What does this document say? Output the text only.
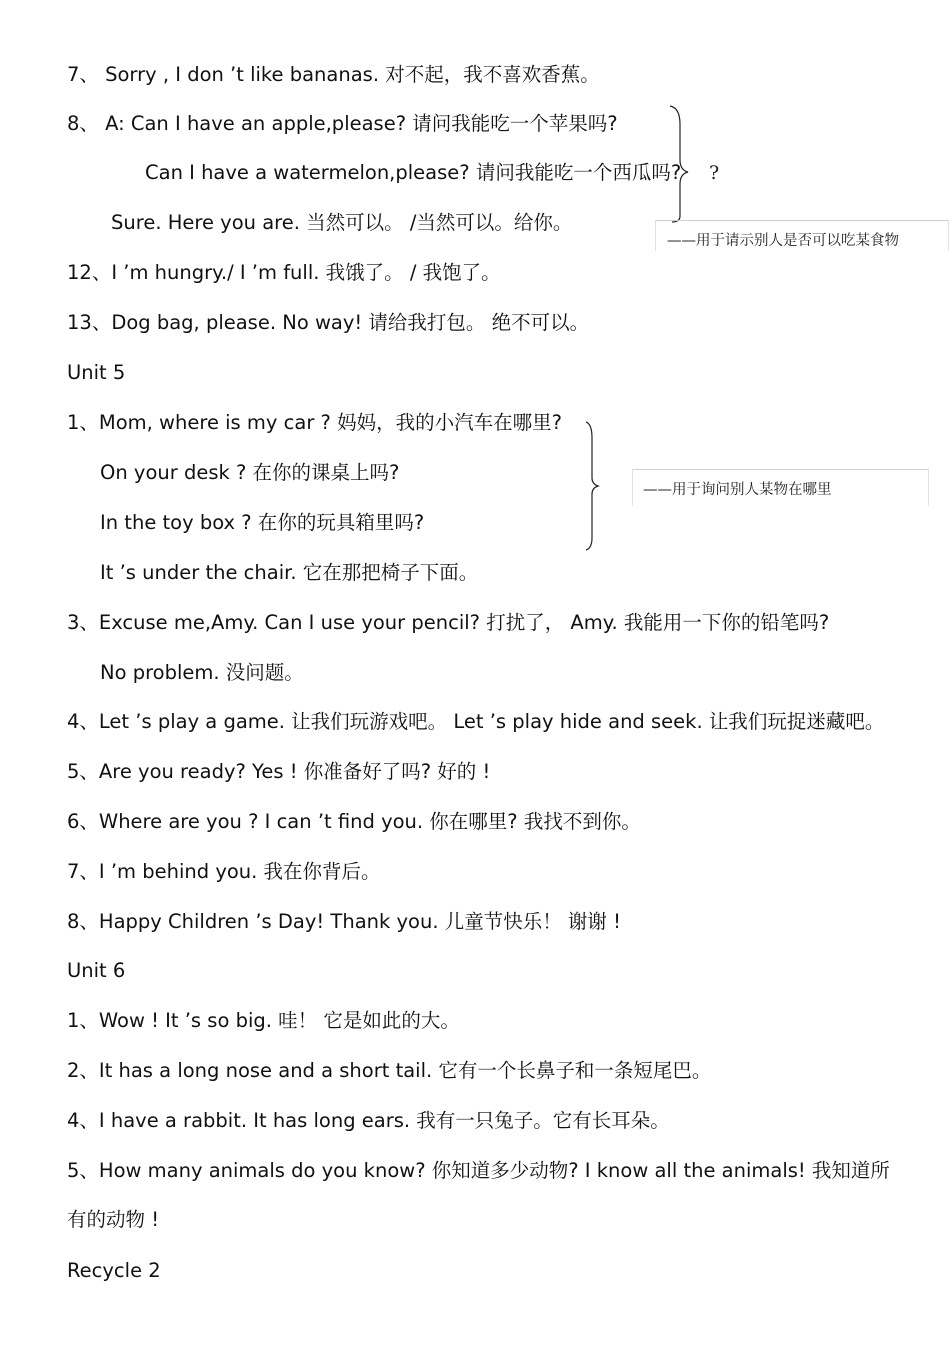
7、 Sorry , I don ’t like bananas. 对不起，我不喜欢香蕉。
8、 A: Can I have an apple,please? 请问我能吃一个苹果吗?
Can I have a watermelon,please? 请问我能吃一个西瓜吗?
Sure. Here you are. 当然可以。 /当然可以。给你。
?
——用于请示别人是否可以吃某食物
12、I ’m hungry./ I ’m full. 我饿了。 / 我饱了。
13、Dog bag, please. No way! 请给我打包。 绝不可以。
Unit 5
1、Mom, where is my car ? 妈妈，我的小汽车在哪里?
On your desk ? 在你的课桌上吗?
In the toy box ? 在你的玩具箱里吗?
——用于询问别人某物在哪里
It ’s under the chair. 它在那把椅子下面。
3、Excuse me,Amy. Can I use your pencil? 打扰了， Amy. 我能用一下你的铅笔吗?
No problem. 没问题。
4、Let ’s play a game. 让我们玩游戏吧。 Let ’s play hide and seek. 让我们玩捉迷藏吧。
5、Are you ready? Yes ! 你准备好了吗? 好的 !
6、Where are you ? I can ’t find you. 你在哪里? 我找不到你。
7、I ’m behind you. 我在你背后。
8、Happy Children ’s Day! Thank you. 儿童节快乐！ 谢谢 !
Unit 6
1、Wow ! It ’s so big. 哇！ 它是如此的大。
2、It has a long nose and a short tail. 它有一个长鼻子和一条短尾巴。
4、I have a rabbit. It has long ears. 我有一只兔子。它有长耳朵。
5、How many animals do you know? 你知道多少动物? I know all the animals! 我知道所
有的动物 !
Recycle 2
